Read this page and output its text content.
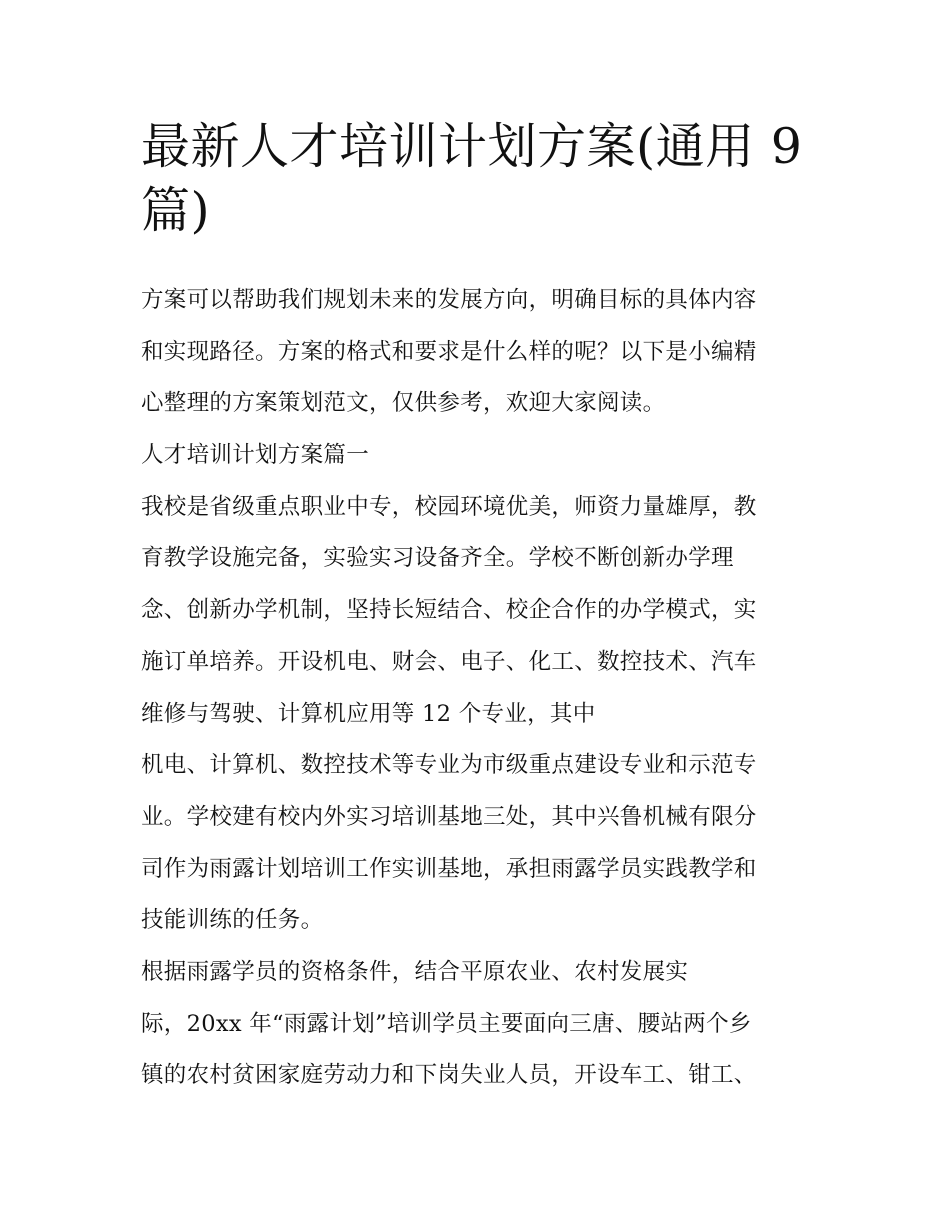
最新人才培训计划方案(通用 9
篇)
方案可以帮助我们规划未来的发展方向，明确目标的具体内容
和实现路径。方案的格式和要求是什么样的呢？以下是小编精
心整理的方案策划范文，仅供参考，欢迎大家阅读。
人才培训计划方案篇一
我校是省级重点职业中专，校园环境优美，师资力量雄厚，教
育教学设施完备，实验实习设备齐全。学校不断创新办学理
念、创新办学机制，坚持长短结合、校企合作的办学模式，实
施订单培养。开设机电、财会、电子、化工、数控技术、汽车
维修与驾驶、计算机应用等 12 个专业，其中
机电、计算机、数控技术等专业为市级重点建设专业和示范专
业。学校建有校内外实习培训基地三处，其中兴鲁机械有限分
司作为雨露计划培训工作实训基地，承担雨露学员实践教学和
技能训练的任务。
根据雨露学员的资格条件，结合平原农业、农村发展实
际，20xx 年“雨露计划”培训学员主要面向三唐、腰站两个乡
镇的农村贫困家庭劳动力和下岗失业人员，开设车工、钳工、
